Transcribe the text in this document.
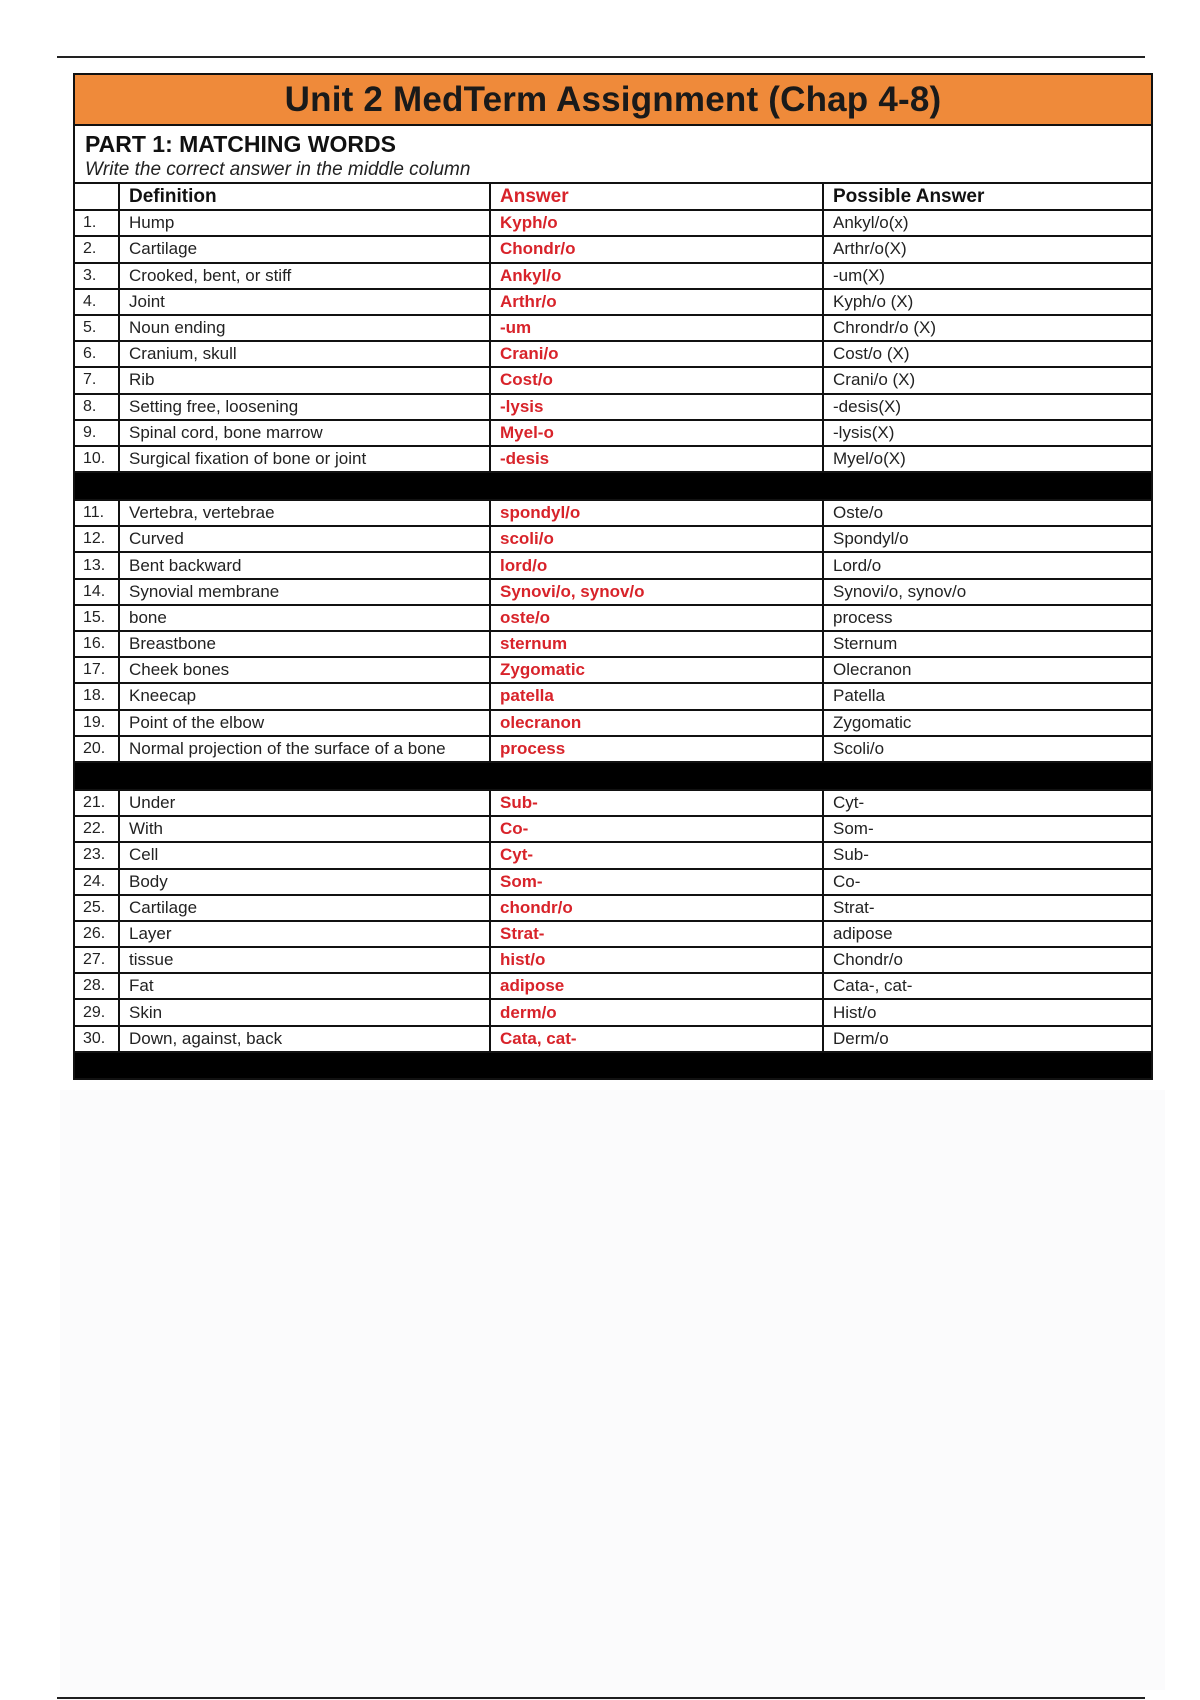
Unit 2 MedTerm Assignment (Chap 4-8)
PART 1: MATCHING WORDS
Write the correct answer in the middle column
	Definition	Answer	Possible Answer
1.	Hump	Kyph/o	Ankyl/o(x)
2.	Cartilage	Chondr/o	Arthr/o(X)
3.	Crooked, bent, or stiff	Ankyl/o	-um(X)
4.	Joint	Arthr/o	Kyph/o (X)
5.	Noun ending	-um	Chrondr/o (X)
6.	Cranium, skull	Crani/o	Cost/o (X)
7.	Rib	Cost/o	Crani/o (X)
8.	Setting free, loosening	-lysis	-desis(X)
9.	Spinal cord, bone marrow	Myel-o	-lysis(X)
10.	Surgical fixation of bone or joint	-desis	Myel/o(X)

11.	Vertebra, vertebrae	spondyl/o	Oste/o
12.	Curved	scoli/o	Spondyl/o
13.	Bent backward	lord/o	Lord/o
14.	Synovial membrane	Synovi/o, synov/o	Synovi/o, synov/o
15.	bone	oste/o	process
16.	Breastbone	sternum	Sternum
17.	Cheek bones	Zygomatic	Olecranon
18.	Kneecap	patella	Patella
19.	Point of the elbow	olecranon	Zygomatic
20.	Normal projection of the surface of a bone	process	Scoli/o

21.	Under	Sub-	Cyt-
22.	With	Co-	Som-
23.	Cell	Cyt-	Sub-
24.	Body	Som-	Co-
25.	Cartilage	chondr/o	Strat-
26.	Layer	Strat-	adipose
27.	tissue	hist/o	Chondr/o
28.	Fat	adipose	Cata-, cat-
29.	Skin	derm/o	Hist/o
30.	Down, against, back	Cata, cat-	Derm/o
